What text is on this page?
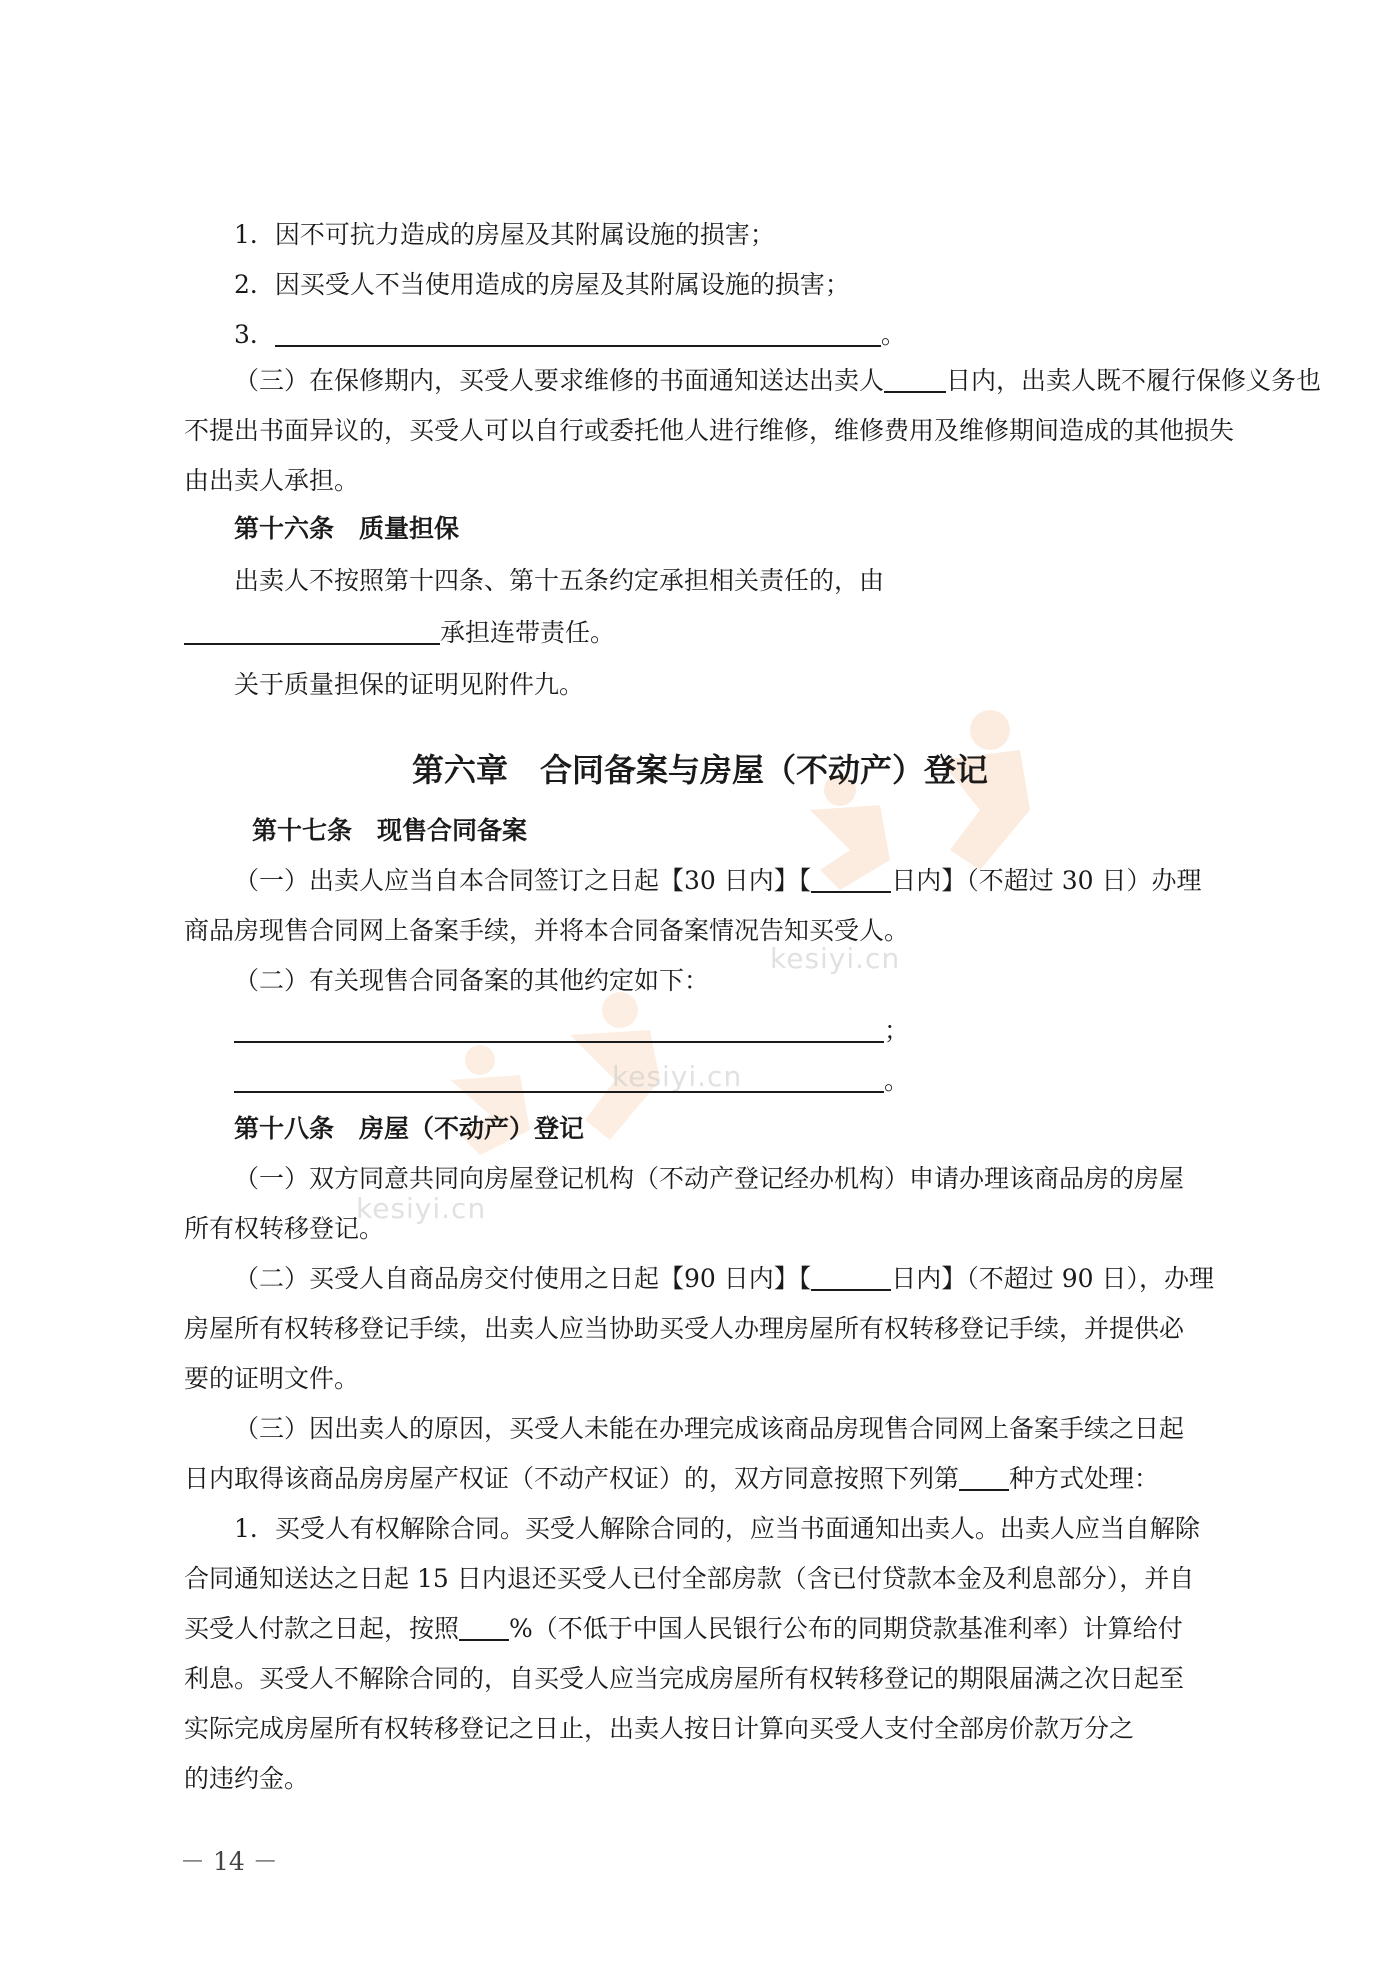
kesiyi.cn
kesiyi.cn
kesiyi.cn
1．因不可抗力造成的房屋及其附属设施的损害；
2．因买受人不当使用造成的房屋及其附属设施的损害；
3．	。
（三）在保修期内，买受人要求维修的书面通知送达出卖人 日内，出卖人既不履行保修义务也
不提出书面异议的，买受人可以自行或委托他人进行维修，维修费用及维修期间造成的其他损失
由出卖人承担。
第十六条　质量担保
出卖人不按照第十四条、第十五条约定承担相关责任的，由
承担连带责任。
关于质量担保的证明见附件九。
第六章　合同备案与房屋（不动产）登记
第十七条　现售合同备案
（一）出卖人应当自本合同签订之日起【30 日内】【	日内】（不超过 30 日）办理
商品房现售合同网上备案手续，并将本合同备案情况告知买受人。
（二）有关现售合同备案的其他约定如下：
；
。
第十八条　房屋（不动产）登记
（一）双方同意共同向房屋登记机构（不动产登记经办机构）申请办理该商品房的房屋
所有权转移登记。
（二）买受人自商品房交付使用之日起【90 日内】【	日内】（不超过 90 日），办理
房屋所有权转移登记手续，出卖人应当协助买受人办理房屋所有权转移登记手续，并提供必
要的证明文件。
（三）因出卖人的原因，买受人未能在办理完成该商品房现售合同网上备案手续之日起
日内取得该商品房房屋产权证（不动产权证）的，双方同意按照下列第 种方式处理：
1．买受人有权解除合同。买受人解除合同的，应当书面通知出卖人。出卖人应当自解除
合同通知送达之日起 15 日内退还买受人已付全部房款（含已付贷款本金及利息部分），并自
买受人付款之日起，按照 %（不低于中国人民银行公布的同期贷款基准利率）计算给付
利息。买受人不解除合同的，自买受人应当完成房屋所有权转移登记的期限届满之次日起至
实际完成房屋所有权转移登记之日止，出卖人按日计算向买受人支付全部房价款万分之
的违约金。
－ 14 －
